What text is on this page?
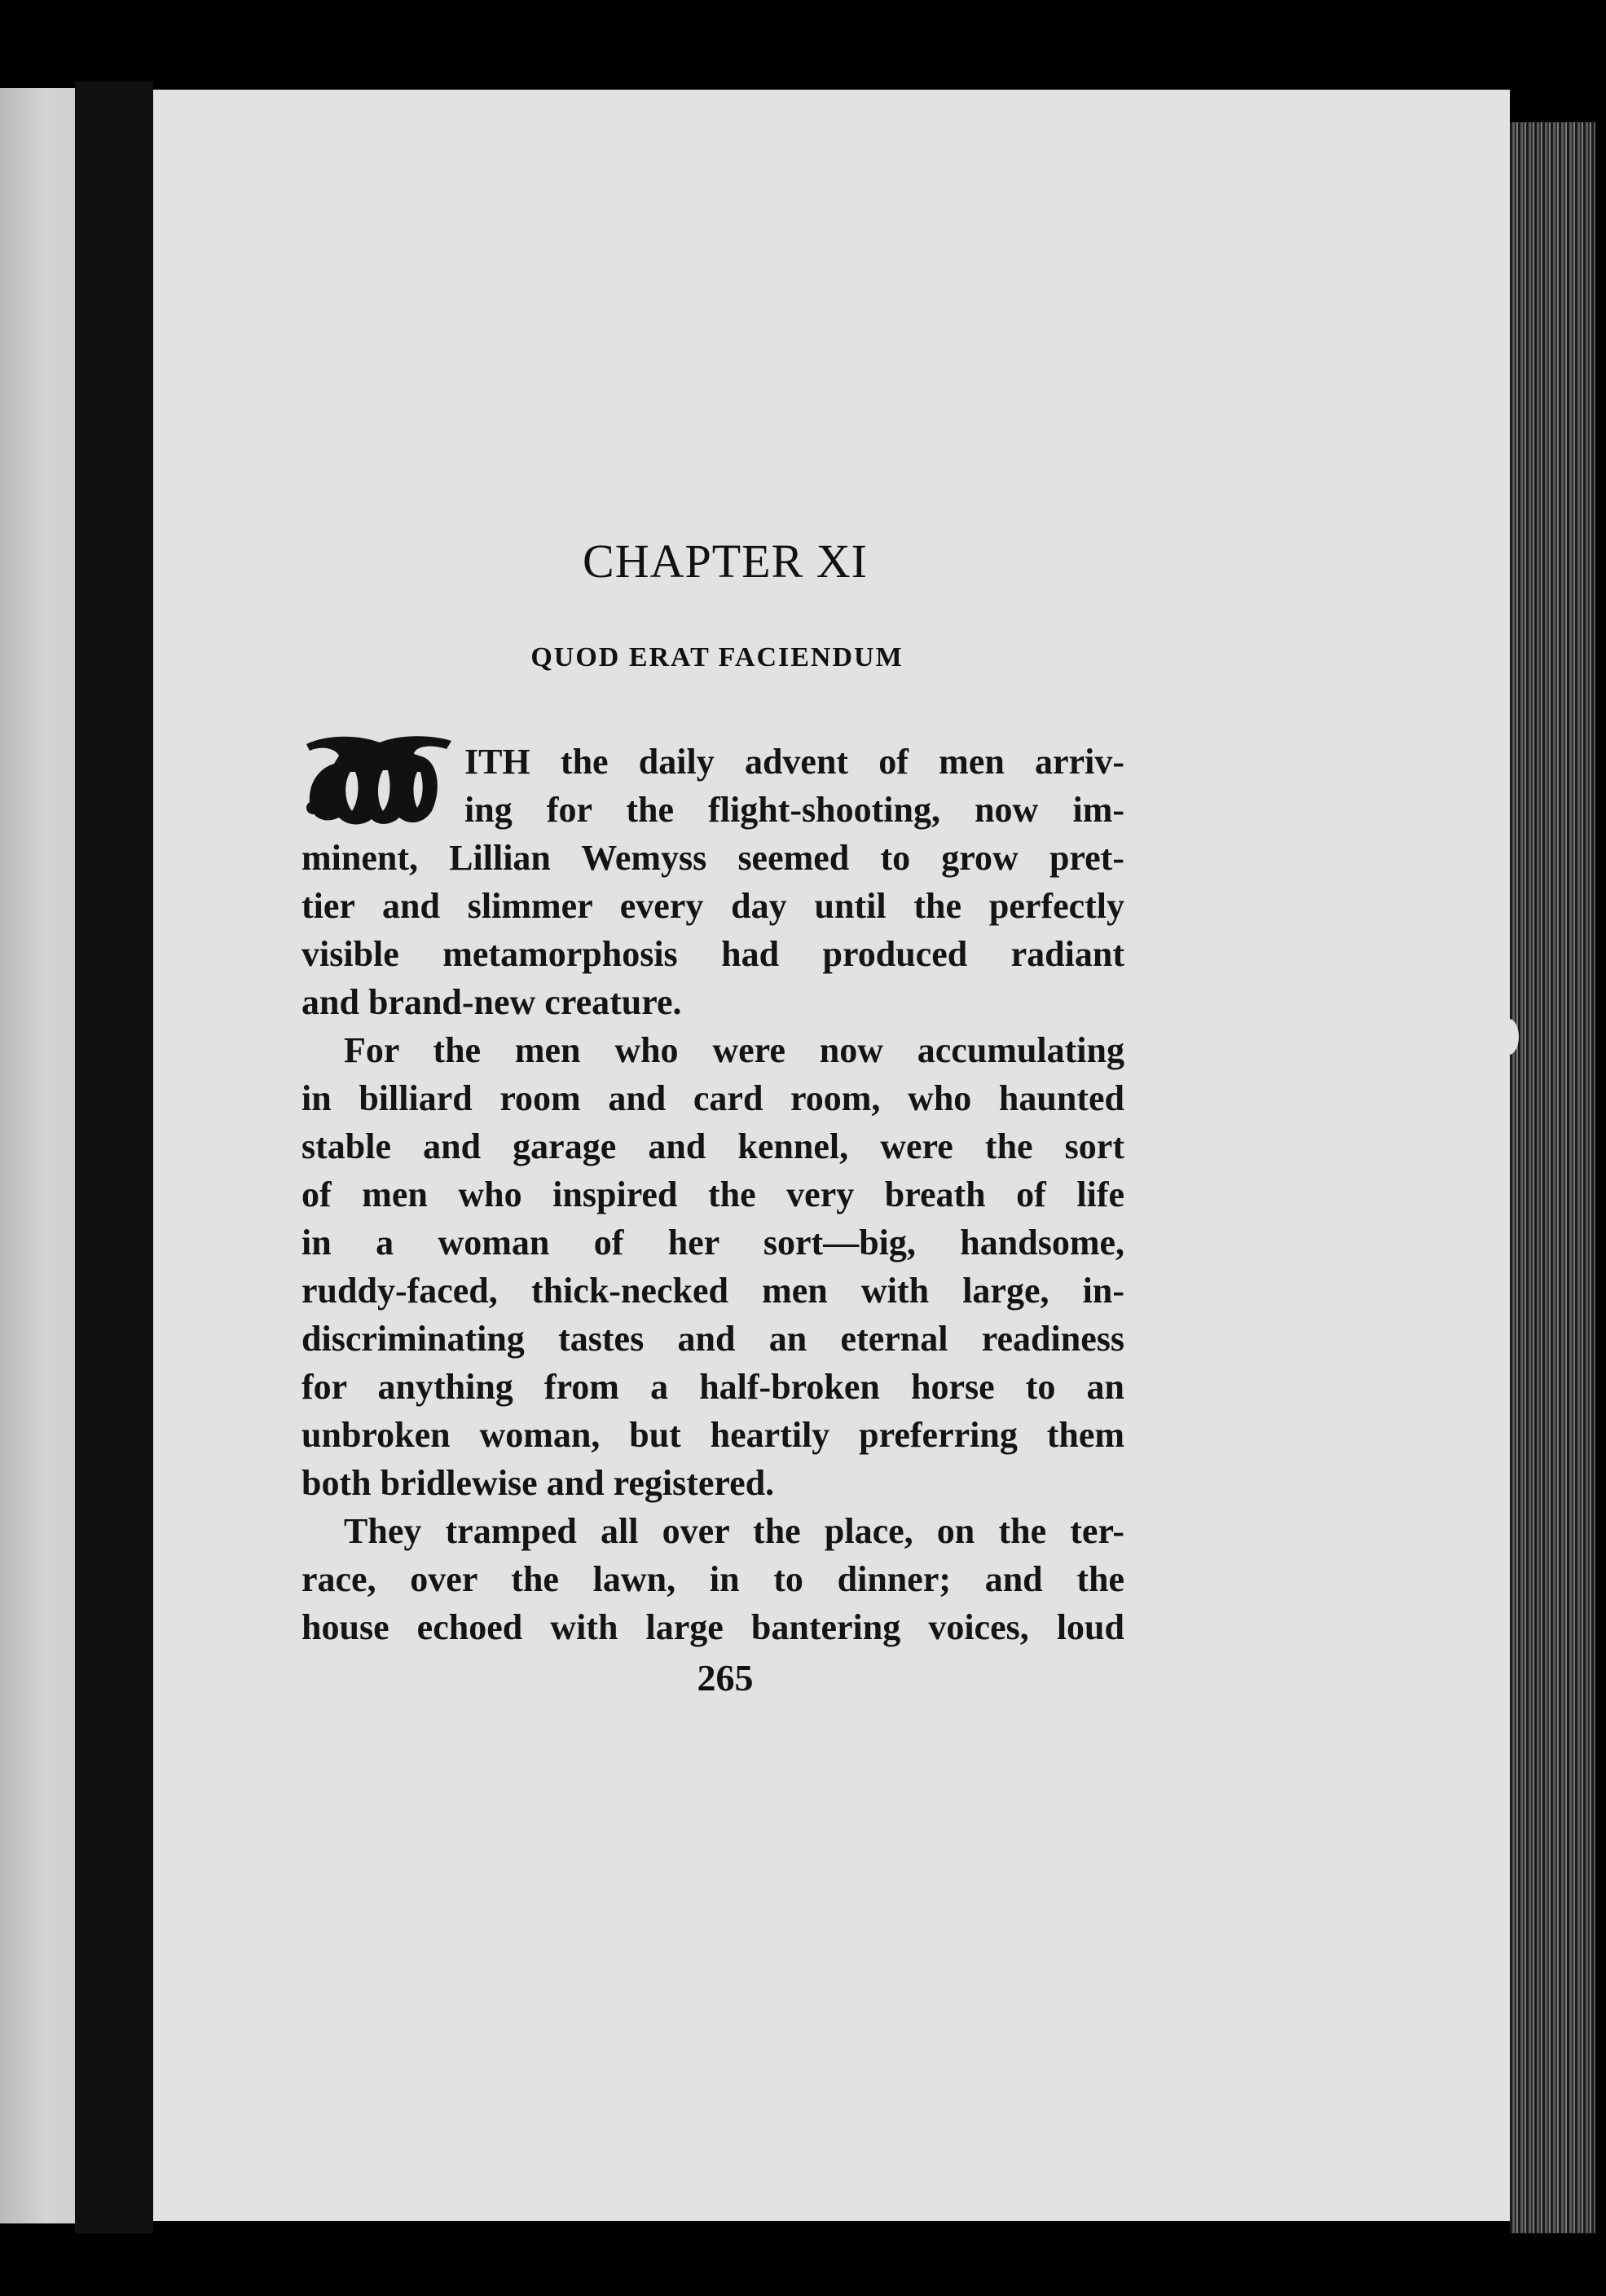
CHAPTER XI
QUOD ERAT FACIENDUM
ITH the daily advent of men arriv-
ing for the flight-shooting, now im-
minent, Lillian Wemyss seemed to grow pret-
tier and slimmer every day until the perfectly
visible metamorphosis had produced radiant
and brand-new creature.
For the men who were now accumulating
in billiard room and card room, who haunted
stable and garage and kennel, were the sort
of men who inspired the very breath of life
in a woman of her sort—big, handsome,
ruddy-faced, thick-necked men with large, in-
discriminating tastes and an eternal readiness
for anything from a half-broken horse to an
unbroken woman, but heartily preferring them
both bridlewise and registered.
They tramped all over the place, on the ter-
race, over the lawn, in to dinner; and the
house echoed with large bantering voices, loud
265
